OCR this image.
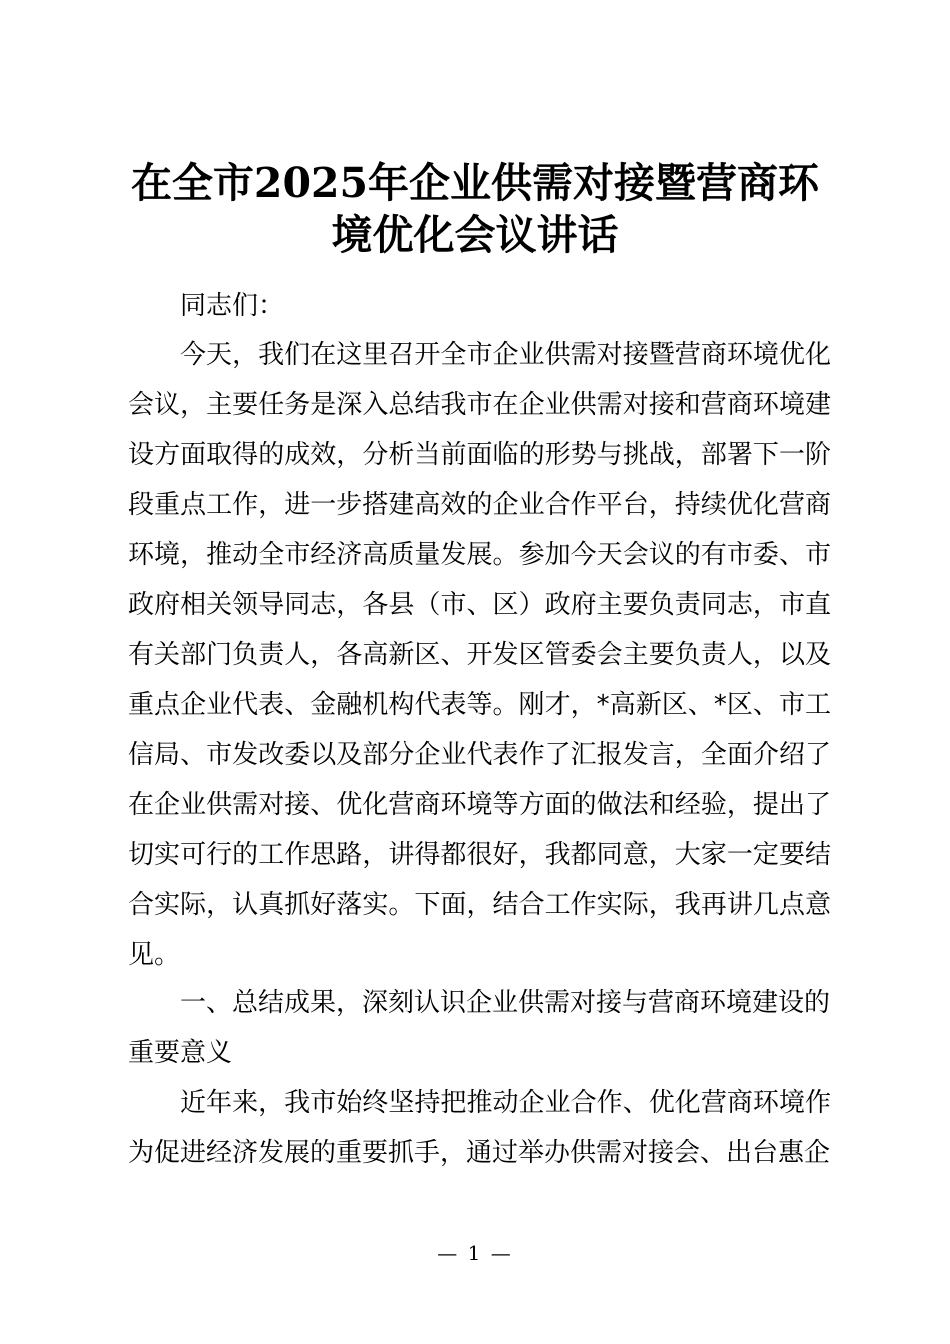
在全市2025年企业供需对接暨营商环
境优化会议讲话

同志们：

今天，我们在这里召开全市企业供需对接暨营商环境优化会议，主要任务是深入总结我市在企业供需对接和营商环境建设方面取得的成效，分析当前面临的形势与挑战，部署下一阶段重点工作，进一步搭建高效的企业合作平台，持续优化营商环境，推动全市经济高质量发展。参加今天会议的有市委、市政府相关领导同志，各县（市、区）政府主要负责同志，市直有关部门负责人，各高新区、开发区管委会主要负责人，以及重点企业代表、金融机构代表等。刚才，*高新区、*区、市工信局、市发改委以及部分企业代表作了汇报发言，全面介绍了在企业供需对接、优化营商环境等方面的做法和经验，提出了切实可行的工作思路，讲得都很好，我都同意，大家一定要结合实际，认真抓好落实。下面，结合工作实际，我再讲几点意见。

一、总结成果，深刻认识企业供需对接与营商环境建设的重要意义

近年来，我市始终坚持把推动企业合作、优化营商环境作为促进经济发展的重要抓手，通过举办供需对接会、出台惠企

— 1 —
